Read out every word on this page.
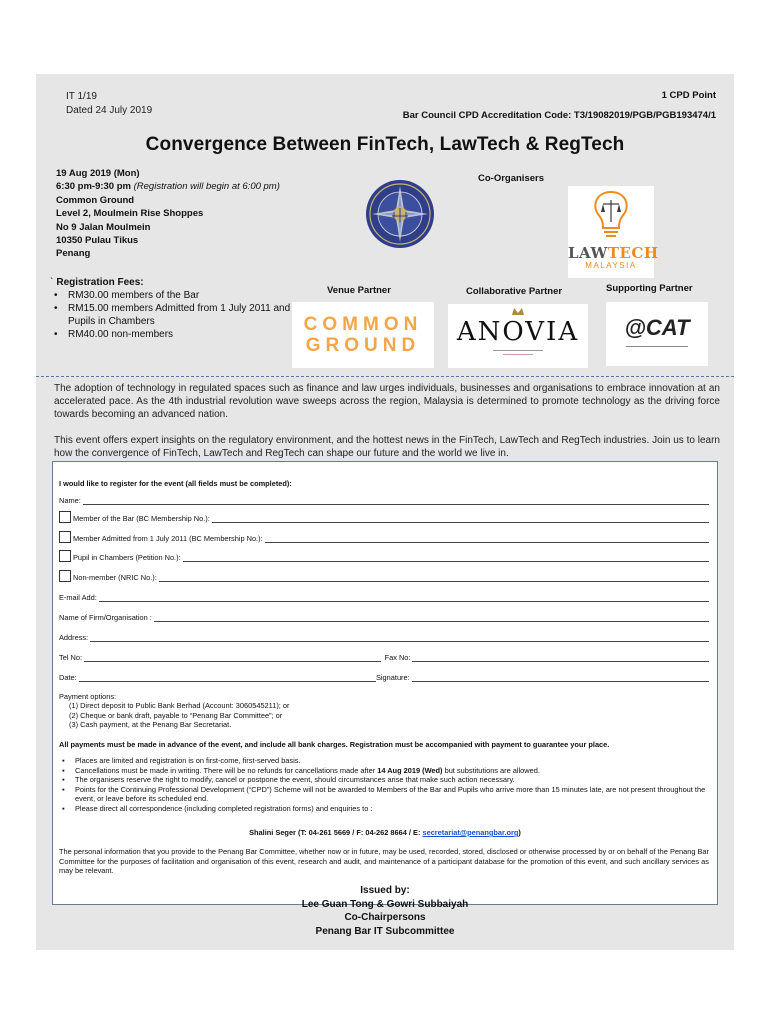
IT 1/19
Dated 24 July 2019
1 CPD Point
Bar Council CPD Accreditation Code: T3/19082019/PGB/PGB193474/1
Convergence Between FinTech, LawTech & RegTech
19 Aug 2019 (Mon)
6:30 pm-9:30 pm (Registration will begin at 6:00 pm)
Common Ground
Level 2, Moulmein Rise Shoppes
No 9 Jalan Moulmein
10350 Pulau Tikus
Penang
Co-Organisers
LAWTECH
MALAYSIA
` Registration Fees:
• RM30.00 members of the Bar
• RM15.00 members Admitted from 1 July 2011 and Pupils in Chambers
• RM40.00 non-members
Venue Partner	Collaborative Partner	Supporting Partner
COMMON
GROUND	ANOVIA	@CAT
The adoption of technology in regulated spaces such as finance and law urges individuals, businesses and organisations to embrace innovation at an accelerated pace. As the 4th industrial revolution wave sweeps across the region, Malaysia is determined to promote technology as the driving force towards becoming an advanced nation.
This event offers expert insights on the regulatory environment, and the hottest news in the FinTech, LawTech and RegTech industries. Join us to learn how the convergence of FinTech, LawTech and RegTech can shape our future and the world we live in.
I would like to register for the event (all fields must be completed):
Name:
Member of the Bar (BC Membership No.):
Member Admitted from 1 July 2011 (BC Membership No.):
Pupil in Chambers (Petition No.):
Non-member (NRIC No.):
E-mail Add:
Name of Firm/Organisation :
Address:
Tel No:	Fax No:
Date:	Signature:
Payment options:
(1) Direct deposit to Public Bank Berhad (Account: 3060545211); or
(2) Cheque or bank draft, payable to “Penang Bar Committee”; or
(3) Cash payment, at the Penang Bar Secretariat.
All payments must be made in advance of the event, and include all bank charges. Registration must be accompanied with payment to guarantee your place.
▪ Places are limited and registration is on first-come, first-served basis.
▪ Cancellations must be made in writing. There will be no refunds for cancellations made after 14 Aug 2019 (Wed) but substitutions are allowed.
▪ The organisers reserve the right to modify, cancel or postpone the event, should circumstances arise that make such action necessary.
▪ Points for the Continuing Professional Development (“CPD”) Scheme will not be awarded to Members of the Bar and Pupils who arrive more than 15 minutes late, are not present throughout the event, or leave before its scheduled end.
▪ Please direct all correspondence (including completed registration forms) and enquiries to :
Shalini Seger (T: 04-261 5669 / F: 04-262 8664 / E: secretariat@penangbar.org)
The personal information that you provide to the Penang Bar Committee, whether now or in future, may be used, recorded, stored, disclosed or otherwise processed by or on behalf of the Penang Bar Committee for the purposes of facilitation and organisation of this event, research and audit, and maintenance of a participant database for the promotion of this event, and such ancillary services as may be relevant.
Issued by:
Lee Guan Tong & Gowri Subbaiyah
Co-Chairpersons
Penang Bar IT Subcommittee
